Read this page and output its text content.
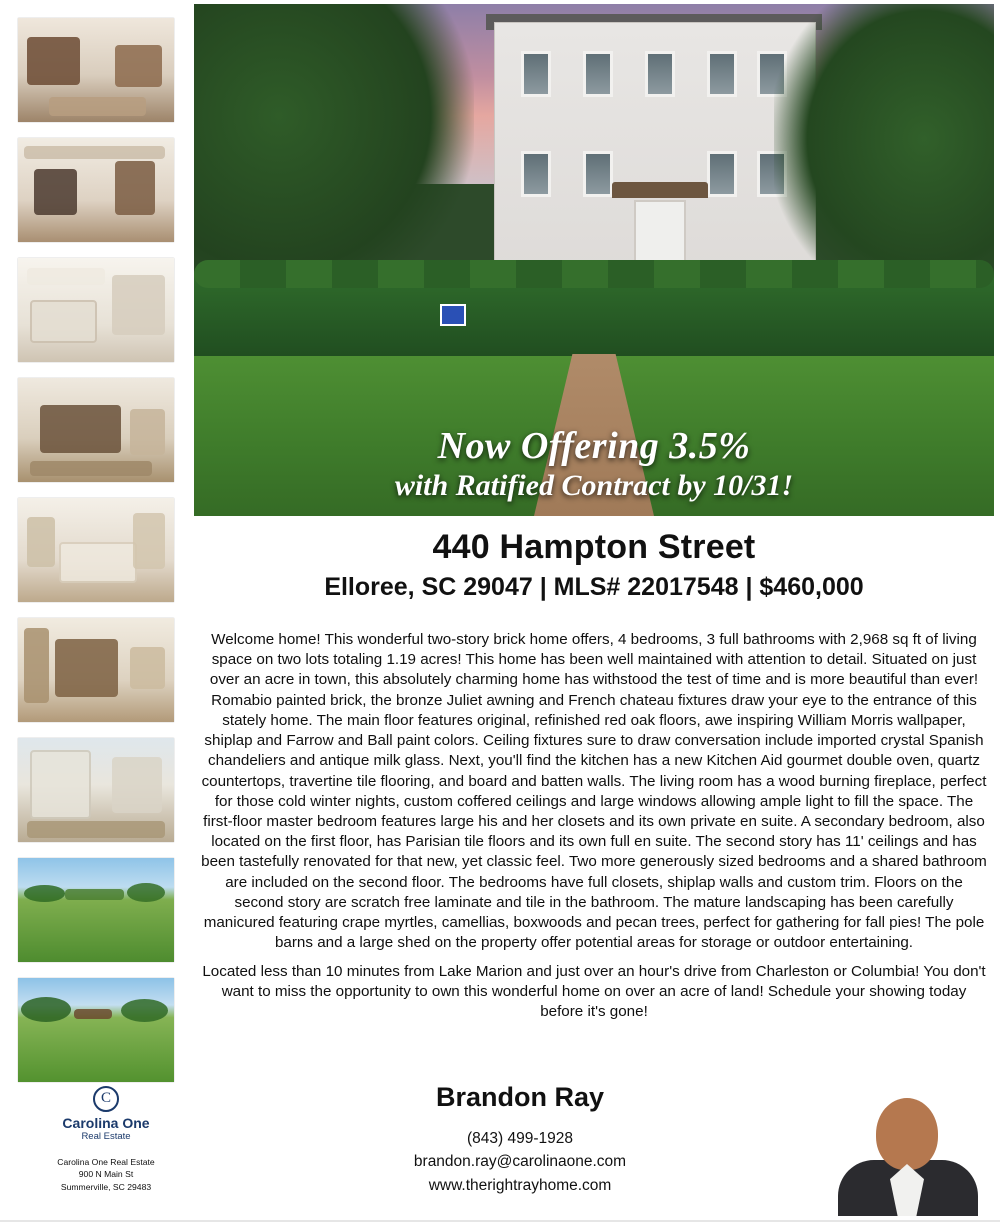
Now Offering 3.5%
with Ratified Contract by 10/31!
440 Hampton Street
Elloree, SC 29047 | MLS# 22017548 | $460,000

Welcome home! This wonderful two-story brick home offers, 4 bedrooms, 3 full bathrooms with 2,968 sq ft of living space on two lots totaling 1.19 acres! This home has been well maintained with attention to detail. Situated on just over an acre in town, this absolutely charming home has withstood the test of time and is more beautiful than ever! Romabio painted brick, the bronze Juliet awning and French chateau fixtures draw your eye to the entrance of this stately home. The main floor features original, refinished red oak floors, awe inspiring William Morris wallpaper, shiplap and Farrow and Ball paint colors. Ceiling fixtures sure to draw conversation include imported crystal Spanish chandeliers and antique milk glass. Next, you'll find the kitchen has a new Kitchen Aid gourmet double oven, quartz countertops, travertine tile flooring, and board and batten walls. The living room has a wood burning fireplace, perfect for those cold winter nights, custom coffered ceilings and large windows allowing ample light to fill the space. The first-floor master bedroom features large his and her closets and its own private en suite. A secondary bedroom, also located on the first floor, has Parisian tile floors and its own full en suite. The second story has 11' ceilings and has been tastefully renovated for that new, yet classic feel. Two more generously sized bedrooms and a shared bathroom are included on the second floor. The bedrooms have full closets, shiplap walls and custom trim. Floors on the second story are scratch free laminate and tile in the bathroom. The mature landscaping has been carefully manicured featuring crape myrtles, camellias, boxwoods and pecan trees, perfect for gathering for fall pies! The pole barns and a large shed on the property offer potential areas for storage or outdoor entertaining.

Located less than 10 minutes from Lake Marion and just over an hour's drive from Charleston or Columbia! You don't want to miss the opportunity to own this wonderful home on over an acre of land! Schedule your showing today before it's gone!

C
Carolina One
Real Estate
Carolina One Real Estate
900 N Main St
Summerville, SC 29483
Brandon Ray
(843) 499-1928
brandon.ray@carolinaone.com
www.therightrayhome.com
